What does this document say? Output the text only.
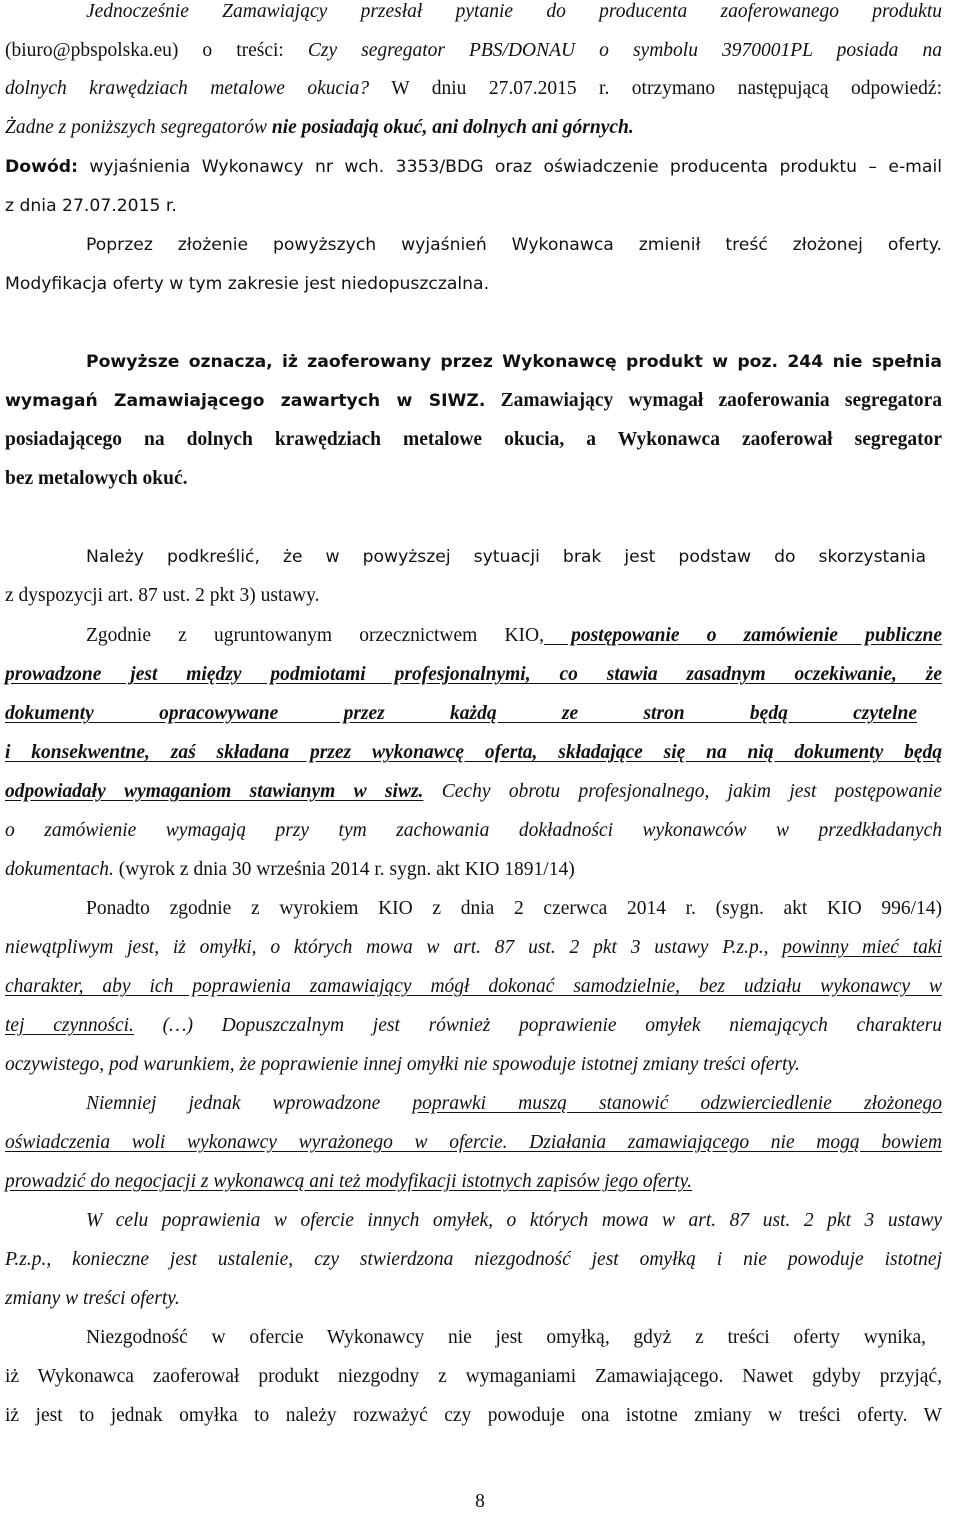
Jednocześnie Zamawiający przesłał pytanie do producenta zaoferowanego produktu
(biuro@pbspolska.eu) o treści: Czy segregator PBS/DONAU o symbolu 3970001PL posiada na
dolnych krawędziach metalowe okucia? W dniu 27.07.2015 r. otrzymano następującą odpowiedź:
Żadne z poniższych segregatorów nie posiadają okuć, ani dolnych ani górnych.
Dowód: wyjaśnienia Wykonawcy nr wch. 3353/BDG oraz oświadczenie producenta produktu – e-mail
z dnia 27.07.2015 r.
Poprzez złożenie powyższych wyjaśnień Wykonawca zmienił treść złożonej oferty.
Modyfikacja oferty w tym zakresie jest niedopuszczalna.
Powyższe oznacza, iż zaoferowany przez Wykonawcę produkt w poz. 244 nie spełnia
wymagań Zamawiającego zawartych w SIWZ. Zamawiający wymagał zaoferowania segregatora
posiadającego na dolnych krawędziach metalowe okucia, a Wykonawca zaoferował segregator
bez metalowych okuć.
Należy podkreślić, że w powyższej sytuacji brak jest podstaw do skorzystania
z dyspozycji art. 87 ust. 2 pkt 3) ustawy.
Zgodnie z ugruntowanym orzecznictwem KIO, postępowanie o zamówienie publiczne
prowadzone jest między podmiotami profesjonalnymi, co stawia zasadnym oczekiwanie, że
dokumenty opracowywane przez każdą ze stron będą czytelne
i konsekwentne, zaś składana przez wykonawcę oferta, składające się na nią dokumenty będą
odpowiadały wymaganiom stawianym w siwz. Cechy obrotu profesjonalnego, jakim jest postępowanie
o zamówienie wymagają przy tym zachowania dokładności wykonawców w przedkładanych
dokumentach. (wyrok z dnia 30 września 2014 r. sygn. akt KIO 1891/14)
Ponadto zgodnie z wyrokiem KIO z dnia 2 czerwca 2014 r. (sygn. akt KIO 996/14)
niewątpliwym jest, iż omyłki, o których mowa w art. 87 ust. 2 pkt 3 ustawy P.z.p., powinny mieć taki
charakter, aby ich poprawienia zamawiający mógł dokonać samodzielnie, bez udziału wykonawcy w
tej czynności. (…) Dopuszczalnym jest również poprawienie omyłek niemających charakteru
oczywistego, pod warunkiem, że poprawienie innej omyłki nie spowoduje istotnej zmiany treści oferty.
Niemniej jednak wprowadzone poprawki muszą stanowić odzwierciedlenie złożonego
oświadczenia woli wykonawcy wyrażonego w ofercie. Działania zamawiającego nie mogą bowiem
prowadzić do negocjacji z wykonawcą ani też modyfikacji istotnych zapisów jego oferty.
W celu poprawienia w ofercie innych omyłek, o których mowa w art. 87 ust. 2 pkt 3 ustawy
P.z.p., konieczne jest ustalenie, czy stwierdzona niezgodność jest omyłką i nie powoduje istotnej
zmiany w treści oferty.
Niezgodność w ofercie Wykonawcy nie jest omyłką, gdyż z treści oferty wynika,
iż Wykonawca zaoferował produkt niezgodny z wymaganiami Zamawiającego. Nawet gdyby przyjąć,
iż jest to jednak omyłka to należy rozważyć czy powoduje ona istotne zmiany w treści oferty. W
8
